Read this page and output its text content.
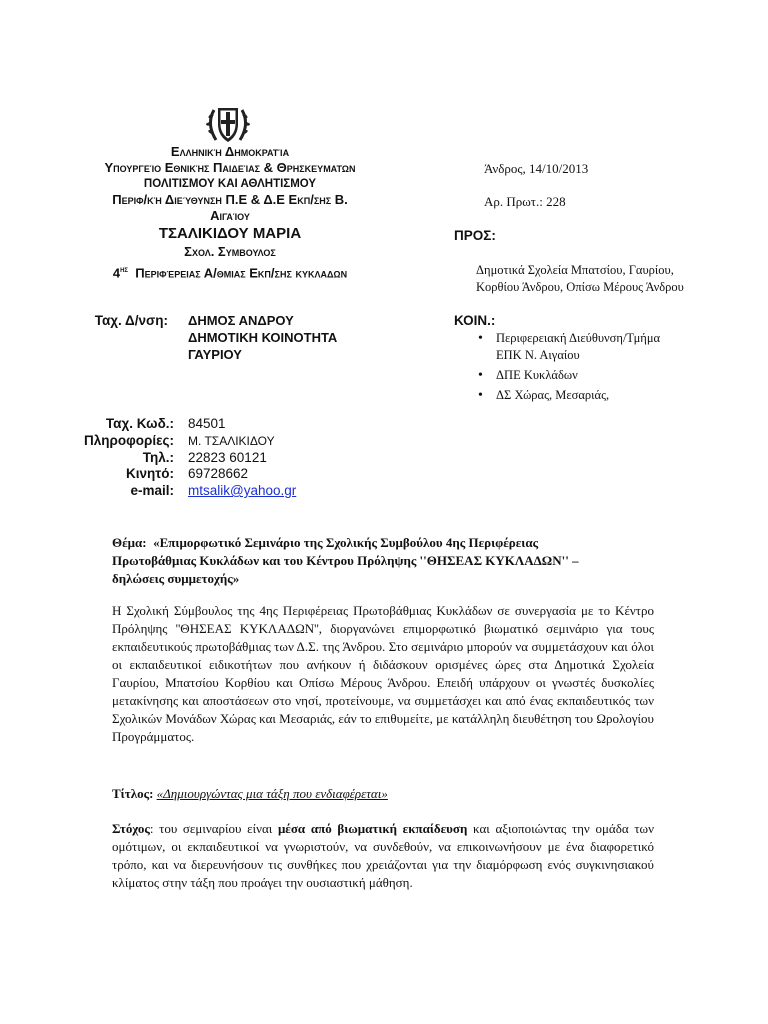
Ελληνική Δημοκρατία
Υπουργείο Εθνικής Παιδείας & Θρησκευματων
ΠΟΛΙΤΙΣΜΟΥ ΚΑΙ ΑΘΛΗΤΙΣΜΟΥ
Περιφ/κή Διεύθυνση Π.Ε & Δ.Ε Εκπ/σης Β.
Αιγαίου
ΤΣΑΛΙΚΙΔΟΥ ΜΑΡΙΑ
Σχολ. Συμβουλος
$4^{\eta\varsigma}$ Περιφέρειας Α/θμιας Εκπ/σης κυκλαδων
Άνδρος, 14/10/2013
Αρ. Πρωτ.: 228
ΠΡΟΣ:
Δημοτικά Σχολεία Μπατσίου, Γαυρίου, Κορθίου Άνδρου, Οπίσω Μέρους Άνδρου
ΚΟΙΝ.:
• Περιφερειακή Διεύθυνση/Τμήμα ΕΠΚ Ν. Αιγαίου
• ΔΠΕ Κυκλάδων
• ΔΣ Χώρας, Μεσαριάς,
Ταχ. Δ/νση: ΔΗΜΟΣ ΑΝΔΡΟΥ
ΔΗΜΟΤΙΚΗ ΚΟΙΝΟΤΗΤΑ
ΓΑΥΡΙΟΥ
Ταχ. Κωδ.: 84501
Πληροφορίες: Μ. ΤΣΑΛΙΚΙΔΟΥ
Τηλ.: 22823 60121
Κινητό: 69728662
e-mail: mtsalik@yahoo.gr
Θέμα: «Επιμορφωτικό Σεμινάριο της Σχολικής Συμβούλου 4ης Περιφέρειας
Πρωτοβάθμιας Κυκλάδων και του Κέντρου Πρόληψης ''ΘΗΣΕΑΣ ΚΥΚΛΑΔΩΝ'' –
δηλώσεις συμμετοχής»
Η Σχολική Σύμβουλος της 4ης Περιφέρειας Πρωτοβάθμιας Κυκλάδων σε συνεργασία με το Κέντρο Πρόληψης ''ΘΗΣΕΑΣ ΚΥΚΛΑΔΩΝ'', διοργανώνει επιμορφωτικό βιωματικό σεμινάριο για τους εκπαιδευτικούς πρωτοβάθμιας των Δ.Σ. της Άνδρου. Στο σεμινάριο μπορούν να συμμετάσχουν και όλοι οι εκπαιδευτικοί ειδικοτήτων που ανήκουν ή διδάσκουν ορισμένες ώρες στα Δημοτικά Σχολεία Γαυρίου, Μπατσίου Κορθίου και Οπίσω Μέρους Άνδρου. Επειδή υπάρχουν οι γνωστές δυσκολίες μετακίνησης και αποστάσεων στο νησί, προτείνουμε, να συμμετάσχει και από ένας εκπαιδευτικός των Σχολικών Μονάδων Χώρας και Μεσαριάς, εάν το επιθυμείτε, με κατάλληλη διευθέτηση του Ωρολογίου Προγράμματος.
Τίτλος: «Δημιουργώντας μια τάξη που ενδιαφέρεται»
Στόχος: του σεμιναρίου είναι μέσα από βιωματική εκπαίδευση και αξιοποιώντας την ομάδα των ομότιμων, οι εκπαιδευτικοί να γνωριστούν, να συνδεθούν, να επικοινωνήσουν με ένα διαφορετικό τρόπο, και να διερευνήσουν τις συνθήκες που χρειάζονται για την διαμόρφωση ενός συγκινησιακού κλίματος στην τάξη που προάγει την ουσιαστική μάθηση.
